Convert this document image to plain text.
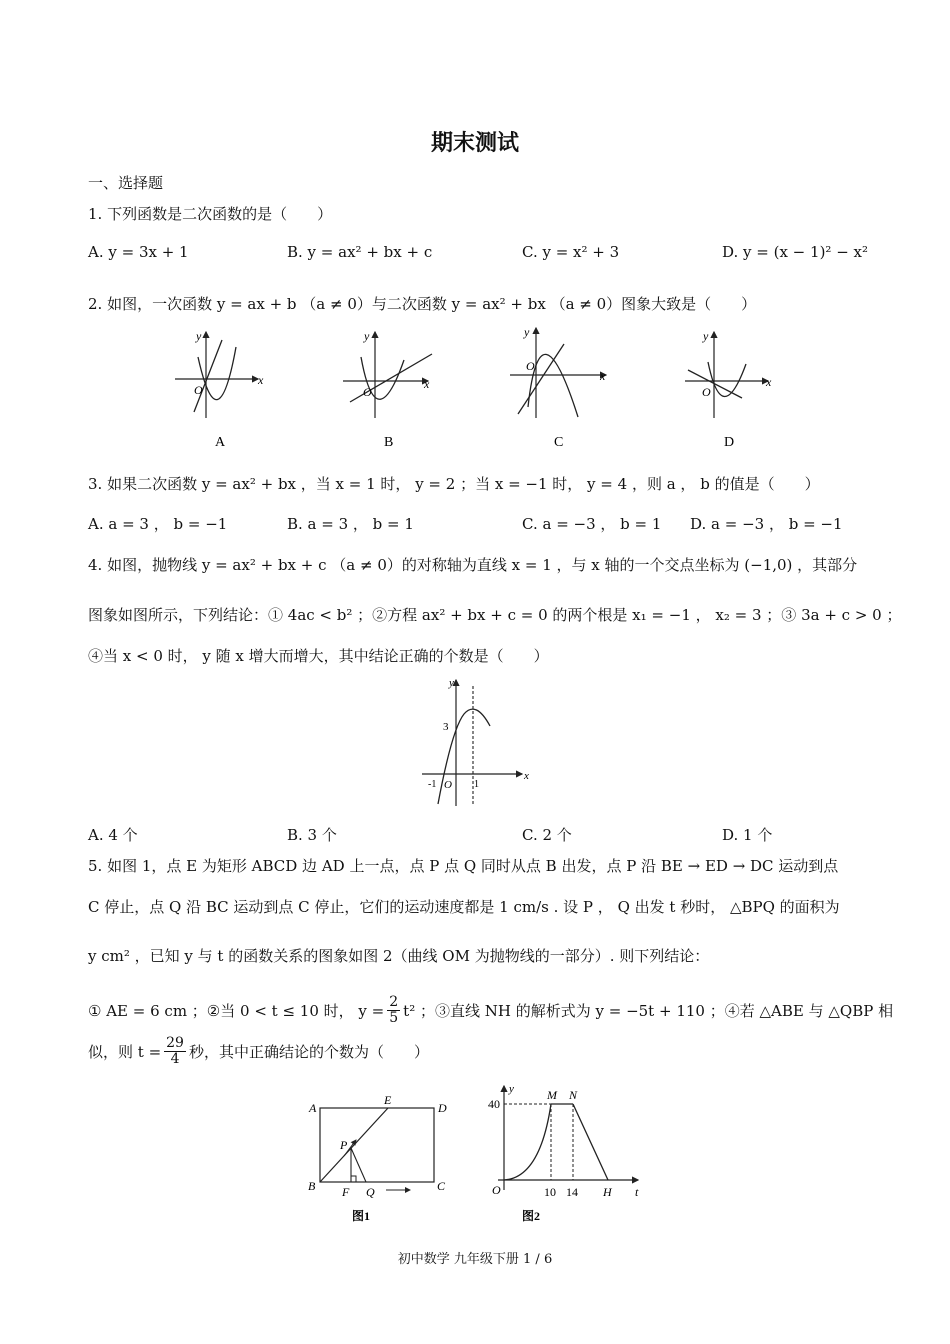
期末测试
一、选择题
1. 下列函数是二次函数的是（　　）
A. y = 3x + 1	B. y = ax² + bx + c	C. y = x² + 3	D. y = (x − 1)² − x²
2. 如图，一次函数 y = ax + b （a ≠ 0）与二次函数 y = ax² + bx （a ≠ 0）图象大致是（　　）
O
x
y
A
O
x
y
B
O
x
y
C
O
x
y
D
3. 如果二次函数 y = ax² + bx ，当 x = 1 时， y = 2 ；当 x = −1 时， y = 4 ，则 a ， b 的值是（　　）
A. a = 3 ， b = −1	B. a = 3 ， b = 1	C. a = −3 ， b = 1 D. a = −3 ， b = −1
4. 如图，抛物线 y = ax² + bx + c （a ≠ 0）的对称轴为直线 x = 1 ，与 x 轴的一个交点坐标为 (−1,0) ，其部分
图象如图所示，下列结论：① 4ac < b² ；②方程 ax² + bx + c = 0 的两个根是 x₁ = −1 ， x₂ = 3 ；③ 3a + c > 0 ；
④当 x < 0 时， y 随 x 增大而增大，其中结论正确的个数是（　　）
x
y
3
-1 O 1
A. 4 个	B. 3 个	C. 2 个	D. 1 个
5. 如图 1，点 E 为矩形 ABCD 边 AD 上一点，点 P 点 Q 同时从点 B 出发，点 P 沿 BE → ED → DC 运动到点
C 停止，点 Q 沿 BC 运动到点 C 停止，它们的运动速度都是 1 cm/s . 设 P ， Q 出发 t 秒时， △BPQ 的面积为
y cm² ，已知 y 与 t 的函数关系的图象如图 2（曲线 OM 为抛物线的一部分）. 则下列结论：
① AE = 6 cm ；②当 0 < t ≤ 10 时， $y = \frac{2}{5} t^2$ ；③直线 NH 的解析式为 y = −5t + 110 ；④若 △ABE 与 △QBP 相
似，则 $t = \frac{29}{4}$ 秒，其中正确结论的个数为（　　）
A
E
D
P
B F Q	C
图1
y
t
O
40
M N
10 14 H
图2
初中数学 九年级下册 1 / 6
